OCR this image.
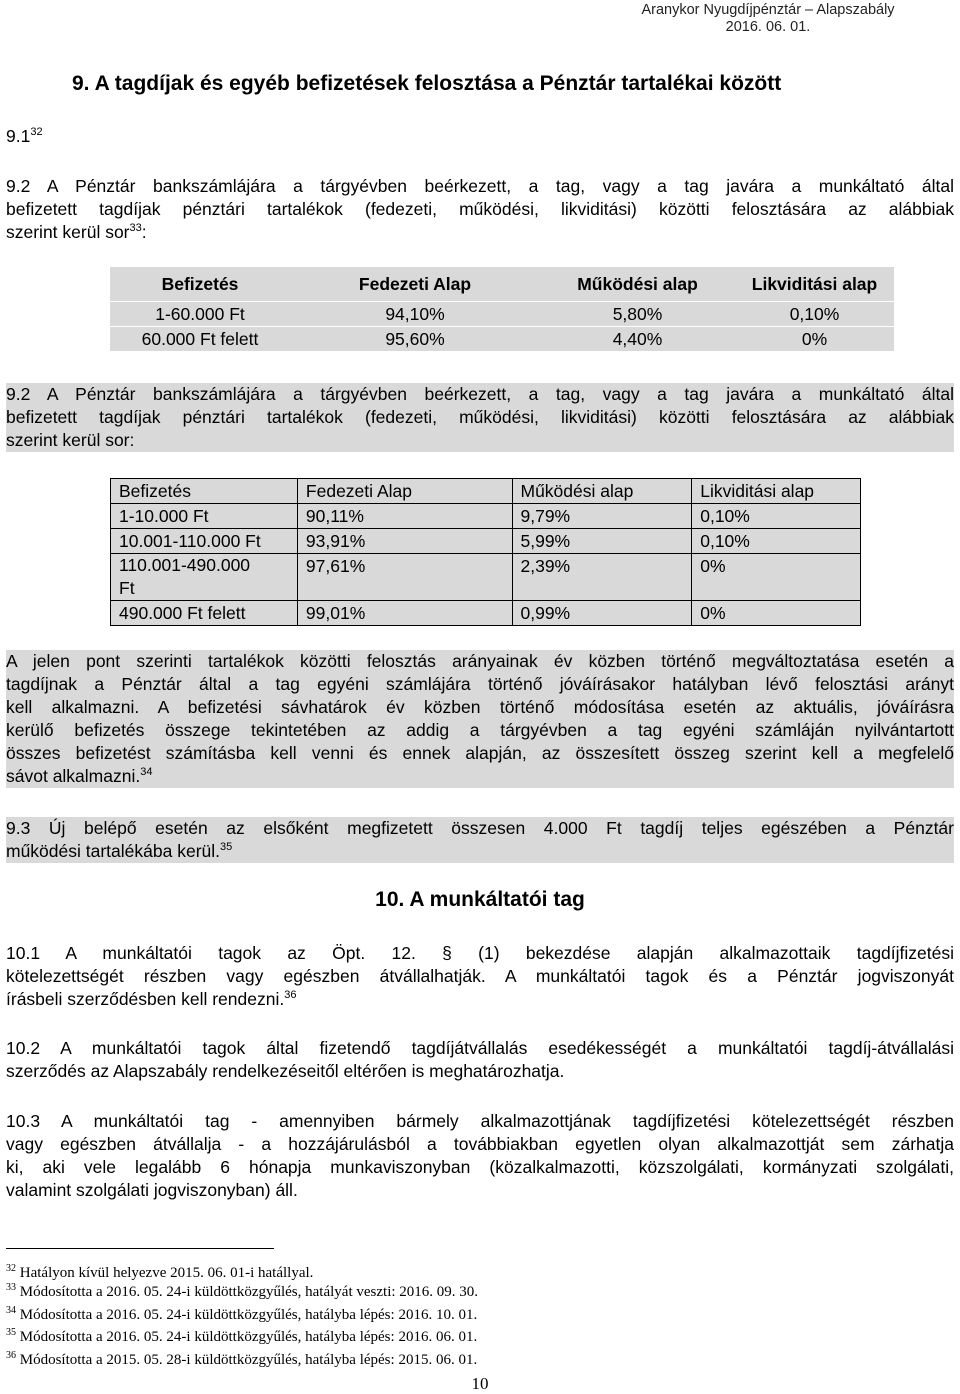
Aranykor Nyugdíjpénztár – Alapszabály
2016. 06. 01.
9. A tagdíjak és egyéb befizetések felosztása a Pénztár tartalékai között
$9.1^{32}$
9.2 A Pénztár bankszámlájára a tárgyévben beérkezett, a tag, vagy a tag javára a munkáltató által
befizetett tagdíjak pénztári tartalékok (fedezeti, működési, likviditási) közötti felosztására az alábbiak
szerint kerül sor$^{33}$:
Befizetés	Fedezeti Alap	Működési alap	Likviditási alap
1-60.000 Ft	94,10%	5,80%	0,10%
60.000 Ft felett	95,60%	4,40%	0%
9.2 A Pénztár bankszámlájára a tárgyévben beérkezett, a tag, vagy a tag javára a munkáltató által
befizetett tagdíjak pénztári tartalékok (fedezeti, működési, likviditási) közötti felosztására az alábbiak
szerint kerül sor:
Befizetés	Fedezeti Alap	Működési alap	Likviditási alap
1-10.000 Ft	90,11%	9,79%	0,10%
10.001-110.000 Ft	93,91%	5,99%	0,10%

110.001-490.000 Ft	97,61%	2,39%	0%
490.000 Ft felett	99,01%	0,99%	0%
A jelen pont szerinti tartalékok közötti felosztás arányainak év közben történő megváltoztatása esetén a
tagdíjnak a Pénztár által a tag egyéni számlájára történő jóváírásakor hatályban lévő felosztási arányt
kell alkalmazni. A befizetési sávhatárok év közben történő módosítása esetén az aktuális, jóváírásra
kerülő befizetés összege tekintetében az addig a tárgyévben a tag egyéni számláján nyilvántartott
összes befizetést számításba kell venni és ennek alapján, az összesített összeg szerint kell a megfelelő
sávot alkalmazni.$^{34}$
9.3 Új belépő esetén az elsőként megfizetett összesen 4.000 Ft tagdíj teljes egészében a Pénztár
működési tartalékába kerül.$^{35}$
10. A munkáltatói tag
10.1 A munkáltatói tagok az Öpt. 12. § (1) bekezdése alapján alkalmazottaik tagdíjfizetési
kötelezettségét részben vagy egészben átvállalhatják. A munkáltatói tagok és a Pénztár jogviszonyát
írásbeli szerződésben kell rendezni.$^{36}$
10.2 A munkáltatói tagok által fizetendő tagdíjátvállalás esedékességét a munkáltatói tagdíj-átvállalási
szerződés az Alapszabály rendelkezéseitől eltérően is meghatározhatja.
10.3 A munkáltatói tag - amennyiben bármely alkalmazottjának tagdíjfizetési kötelezettségét részben
vagy egészben átvállalja - a hozzájárulásból a továbbiakban egyetlen olyan alkalmazottját sem zárhatja
ki, aki vele legalább 6 hónapja munkaviszonyban (közalkalmazotti, közszolgálati, kormányzati szolgálati,
valamint szolgálati jogviszonyban) áll.
$^{32}$ Hatályon kívül helyezve 2015. 06. 01-i hatállyal.
$^{33}$ Módosította a 2016. 05. 24-i küldöttközgyűlés, hatályát veszti: 2016. 09. 30.
$^{34}$ Módosította a 2016. 05. 24-i küldöttközgyűlés, hatályba lépés: 2016. 10. 01.
$^{35}$ Módosította a 2016. 05. 24-i küldöttközgyűlés, hatályba lépés: 2016. 06. 01.
$^{36}$ Módosította a 2015. 05. 28-i küldöttközgyűlés, hatályba lépés: 2015. 06. 01.
10
